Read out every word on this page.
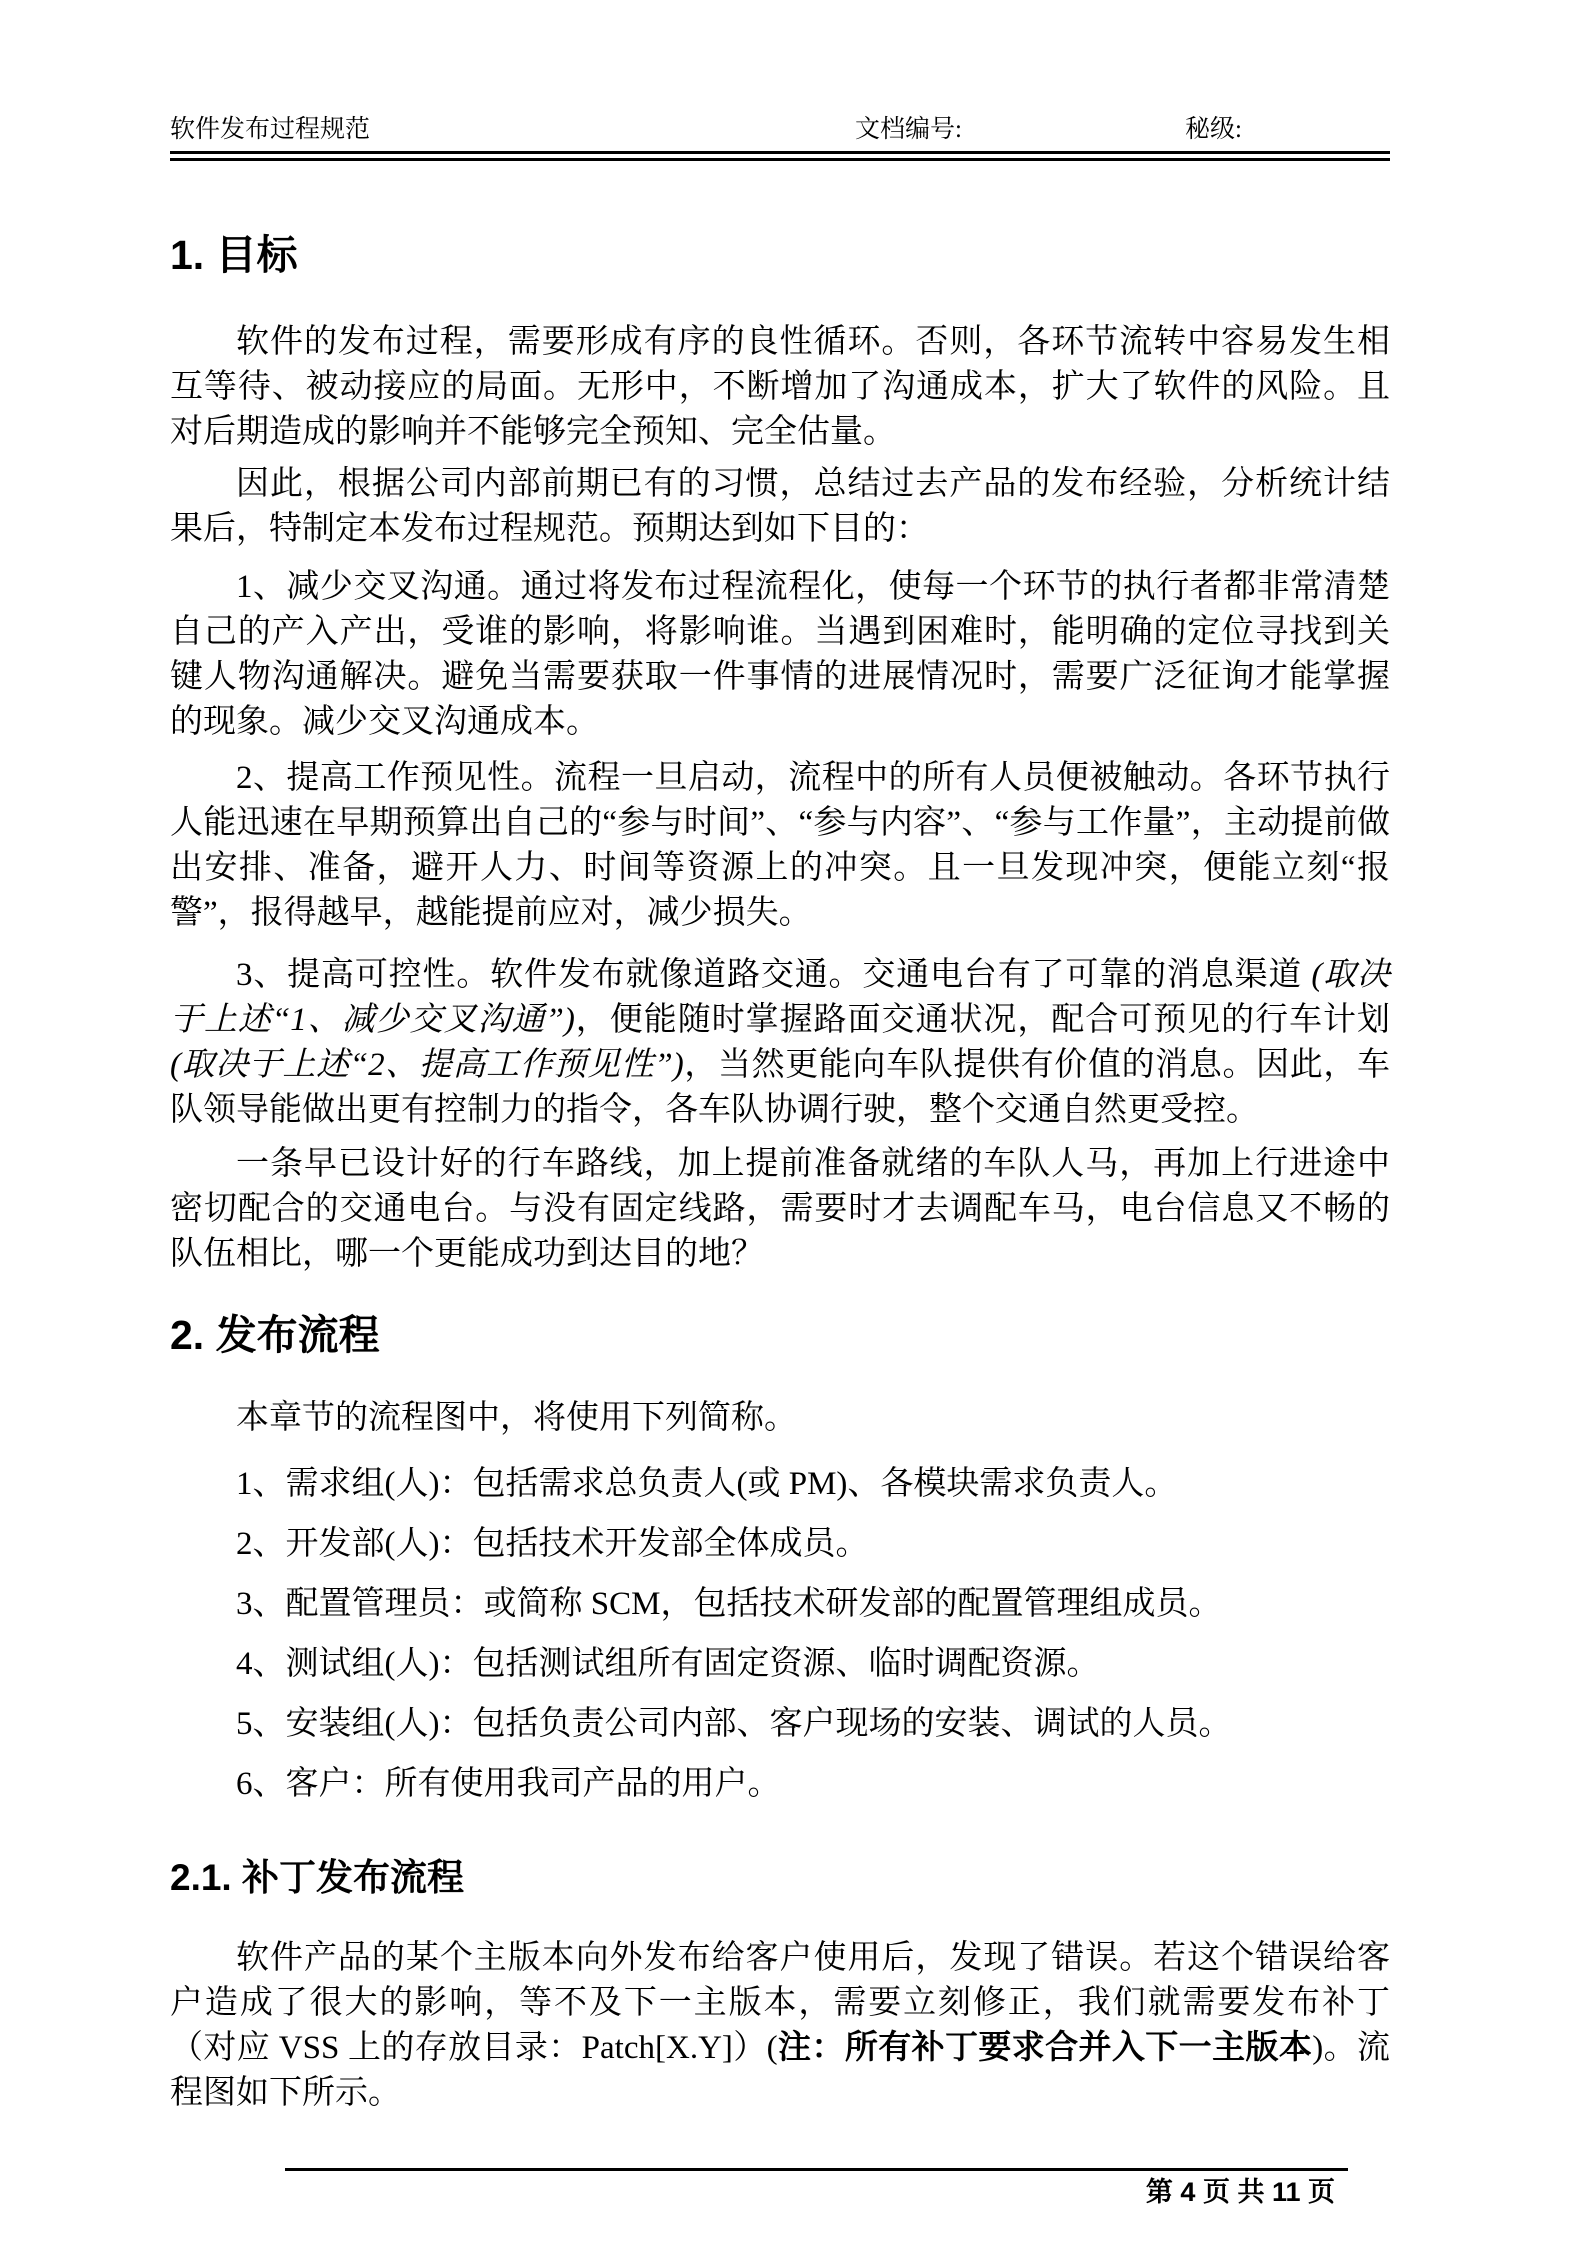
软件发布过程规范	文档编号:	秘级:
1. 目标

软件的发布过程，需要形成有序的良性循环。否则，各环节流转中容易发生相互等待、被动接应的局面。无形中，不断增加了沟通成本，扩大了软件的风险。且对后期造成的影响并不能够完全预知、完全估量。

因此，根据公司内部前期已有的习惯，总结过去产品的发布经验，分析统计结果后，特制定本发布过程规范。预期达到如下目的：

1、减少交叉沟通。通过将发布过程流程化，使每一个环节的执行者都非常清楚自己的产入产出，受谁的影响，将影响谁。当遇到困难时，能明确的定位寻找到关键人物沟通解决。避免当需要获取一件事情的进展情况时，需要广泛征询才能掌握的现象。减少交叉沟通成本。

2、提高工作预见性。流程一旦启动，流程中的所有人员便被触动。各环节执行人能迅速在早期预算出自己的“参与时间”、“参与内容”、“参与工作量”，主动提前做出安排、准备，避开人力、时间等资源上的冲突。且一旦发现冲突，便能立刻“报警”，报得越早，越能提前应对，减少损失。

3、提高可控性。软件发布就像道路交通。交通电台有了可靠的消息渠道 (取决于上述“1、减少交叉沟通”)，便能随时掌握路面交通状况，配合可预见的行车计划 (取决于上述“2、提高工作预见性”)，当然更能向车队提供有价值的消息。因此，车队领导能做出更有控制力的指令，各车队协调行驶，整个交通自然更受控。

一条早已设计好的行车路线，加上提前准备就绪的车队人马，再加上行进途中密切配合的交通电台。与没有固定线路，需要时才去调配车马，电台信息又不畅的队伍相比，哪一个更能成功到达目的地？

2. 发布流程

本章节的流程图中，将使用下列简称。

1、需求组(人)：包括需求总负责人(或 PM)、各模块需求负责人。

2、开发部(人)：包括技术开发部全体成员。

3、配置管理员：或简称 SCM，包括技术研发部的配置管理组成员。

4、测试组(人)：包括测试组所有固定资源、临时调配资源。

5、安装组(人)：包括负责公司内部、客户现场的安装、调试的人员。

6、客户：所有使用我司产品的用户。

2.1. 补丁发布流程

软件产品的某个主版本向外发布给客户使用后，发现了错误。若这个错误给客户造成了很大的影响，等不及下一主版本，需要立刻修正，我们就需要发布补丁（对应 VSS 上的存放目录：Patch[X.Y]）(注：所有补丁要求合并入下一主版本)。流程图如下所示。

第 4 页 共 11 页
